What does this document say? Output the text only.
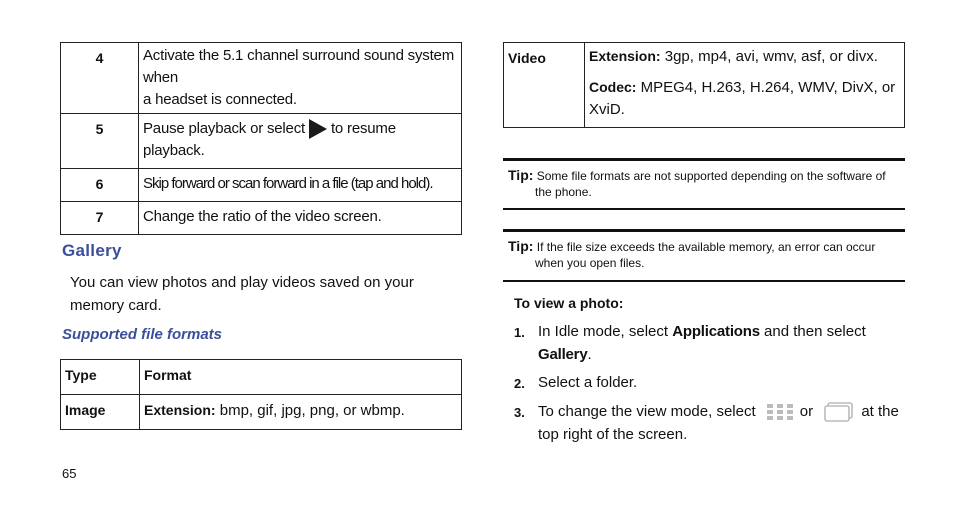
4	Activate the 5.1 channel surround sound system
when
a headset is connected.
5	Pause playback or select to resume playback.
6	Skip forward or scan forward in a file (tap and hold).
7	Change the ratio of the video screen.
Gallery

You can view photos and play videos saved on your
memory card.

Supported file formats
Type	Format
Image	Extension: bmp, gif, jpg, png, or wbmp.
Video	Extension: 3gp, mp4, avi, wmv, asf, or divx.

Codec: MPEG4, H.263, H.264, WMV, DivX, or XviD.

Tip: Some file formats are not supported depending on the software of
the phone.
Tip: If the file size exceeds the available memory, an error can occur
when you open files.

To view a photo:

1. In Idle mode, select Applications and then select Gallery.
2. Select a folder.
3. To change the view mode, select	or	at the
top right of the screen.

65
